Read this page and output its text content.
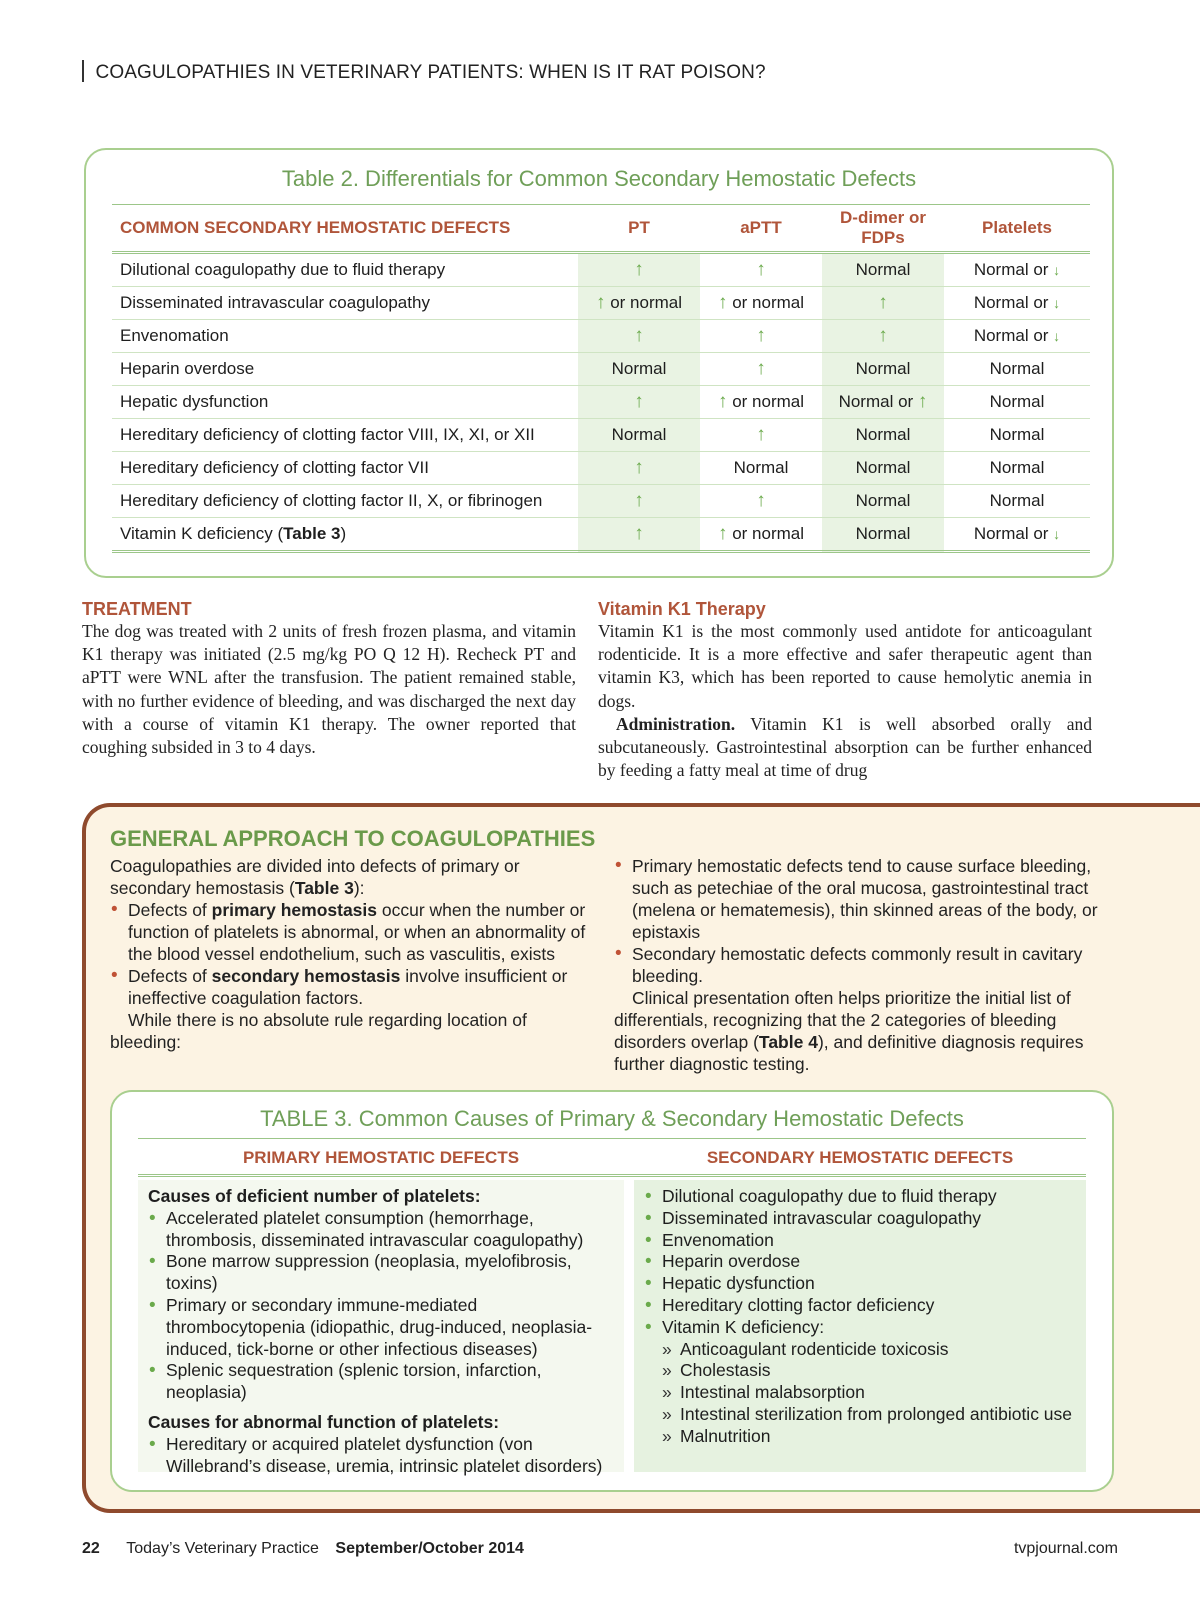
COAGULOPATHIES IN VETERINARY PATIENTS: WHEN IS IT RAT POISON?
Table 2. Differentials for Common Secondary Hemostatic Defects
COMMON SECONDARY HEMOSTATIC DEFECTS	PT	aPTT	D-dimer or FDPs	Platelets
Dilutional coagulopathy due to fluid therapy	↑	↑	Normal	Normal or ↓
Disseminated intravascular coagulopathy	↑ or normal	↑ or normal	↑	Normal or ↓
Envenomation	↑	↑	↑	Normal or ↓
Heparin overdose	Normal	↑	Normal	Normal
Hepatic dysfunction	↑	↑ or normal	Normal or ↑	Normal
Hereditary deficiency of clotting factor VIII, IX, XI, or XII	Normal	↑	Normal	Normal
Hereditary deficiency of clotting factor VII	↑	Normal	Normal	Normal
Hereditary deficiency of clotting factor II, X, or fibrinogen	↑	↑	Normal	Normal
Vitamin K deficiency (Table 3)	↑	↑ or normal	Normal	Normal or ↓
TREATMENT
The dog was treated with 2 units of fresh frozen plasma, and vitamin K1 therapy was initiated (2.5 mg/kg PO Q 12 H). Recheck PT and aPTT were WNL after the transfusion. The patient remained stable, with no further evidence of bleeding, and was discharged the next day with a course of vitamin K1 therapy. The owner reported that coughing subsided in 3 to 4 days.
Vitamin K1 Therapy
Vitamin K1 is the most commonly used antidote for anticoagulant rodenticide. It is a more effective and safer therapeutic agent than vitamin K3, which has been reported to cause hemolytic anemia in dogs.
Administration. Vitamin K1 is well absorbed orally and subcutaneously. Gastrointestinal absorption can be further enhanced by feeding a fatty meal at time of drug
GENERAL APPROACH TO COAGULOPATHIES

Coagulopathies are divided into defects of primary or secondary hemostasis (Table 3):

• Defects of primary hemostasis occur when the number or function of platelets is abnormal, or when an abnormality of the blood vessel endothelium, such as vasculitis, exists
• Defects of secondary hemostasis involve insufficient or ineffective coagulation factors.

While there is no absolute rule regarding location of bleeding:

• Primary hemostatic defects tend to cause surface bleeding, such as petechiae of the oral mucosa, gastrointestinal tract (melena or hematemesis), thin skinned areas of the body, or epistaxis
• Secondary hemostatic defects commonly result in cavitary bleeding.

Clinical presentation often helps prioritize the initial list of differentials, recognizing that the 2 categories of bleeding disorders overlap (Table 4), and definitive diagnosis requires further diagnostic testing.

TABLE 3. Common Causes of Primary & Secondary Hemostatic Defects
PRIMARY HEMOSTATIC DEFECTS	SECONDARY HEMOSTATIC DEFECTS

Causes of deficient number of platelets:

• Accelerated platelet consumption (hemorrhage, thrombosis, disseminated intravascular coagulopathy)
• Bone marrow suppression (neoplasia, myelofibrosis, toxins)
• Primary or secondary immune-mediated thrombocytopenia (idiopathic, drug-induced, neoplasia-induced, tick-borne or other infectious diseases)
• Splenic sequestration (splenic torsion, infarction, neoplasia)

Causes for abnormal function of platelets:

• Hereditary or acquired platelet dysfunction (von Willebrand’s disease, uremia, intrinsic platelet disorders)
• Dilutional coagulopathy due to fluid therapy
• Disseminated intravascular coagulopathy
• Envenomation
• Heparin overdose
• Hepatic dysfunction
• Hereditary clotting factor deficiency
• Vitamin K deficiency:
» Anticoagulant rodenticide toxicosis
» Cholestasis
» Intestinal malabsorption
» Intestinal sterilization from prolonged antibiotic use
» Malnutrition
22 Today’s Veterinary Practice September/October 2014	tvpjournal.com
